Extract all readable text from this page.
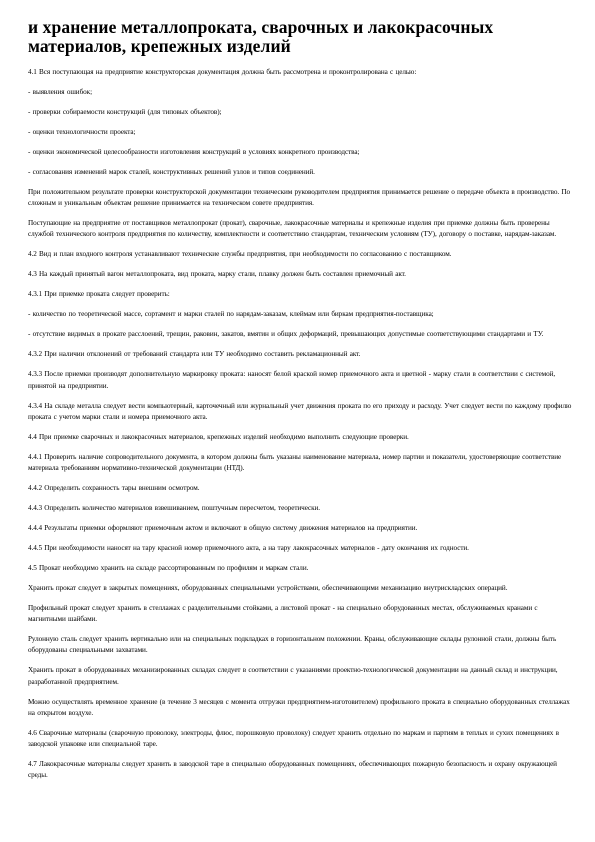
и хранение металлопроката, сварочных и лакокрасочных материалов, крепежных изделий

4.1 Вся поступающая на предприятие конструкторская документация должна быть рассмотрена и проконтролирована с целью:

- выявления ошибок;

- проверки собираемости конструкций (для типовых объектов);

- оценки технологичности проекта;

- оценки экономической целесообразности изготовления конструкций в условиях конкретного производства;

- согласования изменений марок сталей, конструктивных решений узлов и типов соединений.

При положительном результате проверки конструкторской документации техническим руководителем предприятия принимается решение о передаче объекта в производство. По сложным и уникальным объектам решение принимается на техническом совете предприятия.

Поступающие на предприятие от поставщиков металлопрокат (прокат), сварочные, лакокрасочные материалы и крепежные изделия при приемке должны быть проверены службой технического контроля предприятия по количеству, комплектности и соответствию стандартам, техническим условиям (ТУ), договору о поставке, нарядам-заказам.

4.2 Вид и план входного контроля устанавливают технические службы предприятия, при необходимости по согласованию с поставщиком.

4.3 На каждый принятый вагон металлопроката, вид проката, марку стали, плавку должен быть составлен приемочный акт.

4.3.1 При приемке проката следует проверить:

- количество по теоретической массе, сортамент и марки сталей по нарядам-заказам, клеймам или биркам предприятия-поставщика;

- отсутствие видимых в прокате расслоений, трещин, раковин, закатов, вмятин и общих деформаций, превышающих допустимые соответствующими стандартами и ТУ.

4.3.2 При наличии отклонений от требований стандарта или ТУ необходимо составить рекламационный акт.

4.3.3 После приемки производят дополнительную маркировку проката: наносят белой краской номер приемочного акта и цветной - марку стали в соответствии с системой, принятой на предприятии.

4.3.4 На складе металла следует вести компьютерный, карточечный или журнальный учет движения проката по его приходу и расходу. Учет следует вести по каждому профилю проката с учетом марки стали и номера приемочного акта.

4.4 При приемке сварочных и лакокрасочных материалов, крепежных изделий необходимо выполнить следующие проверки.

4.4.1 Проверить наличие сопроводительного документа, в котором должны быть указаны наименование материала, номер партии и показатели, удостоверяющие соответствие материала требованиям нормативно-технической документации (НТД).

4.4.2 Определить сохранность тары внешним осмотром.

4.4.3 Определить количество материалов взвешиванием, поштучным пересчетом, теоретически.

4.4.4 Результаты приемки оформляют приемочным актом и включают в общую систему движения материалов на предприятии.

4.4.5 При необходимости наносят на тару красной номер приемочного акта, а на тару лакокрасочных материалов - дату окончания их годности.

4.5 Прокат необходимо хранить на складе рассортированным по профилям и маркам стали.

Хранить прокат следует в закрытых помещениях, оборудованных специальными устройствами, обеспечивающими механизацию внутрискладских операций.

Профильный прокат следует хранить в стеллажах с разделительными стойками, а листовой прокат - на специально оборудованных местах, обслуживаемых кранами с магнитными шайбами.

Рулонную сталь следует хранить вертикально или на специальных подкладках в горизонтальном положении. Краны, обслуживающие склады рулонной стали, должны быть оборудованы специальными захватами.

Хранить прокат в оборудованных механизированных складах следует в соответствии с указаниями проектно-технологической документации на данный склад и инструкции, разработанной предприятием.

Можно осуществлять временное хранение (в течение 3 месяцев с момента отгрузки предприятием-изготовителем) профильного проката в специально оборудованных стеллажах на открытом воздухе.

4.6 Сварочные материалы (сварочную проволоку, электроды, флюс, порошковую проволоку) следует хранить отдельно по маркам и партиям в теплых и сухих помещениях в заводской упаковке или специальной таре.

4.7 Лакокрасочные материалы следует хранить в заводской таре в специально оборудованных помещениях, обеспечивающих пожарную безопасность и охрану окружающей среды.
